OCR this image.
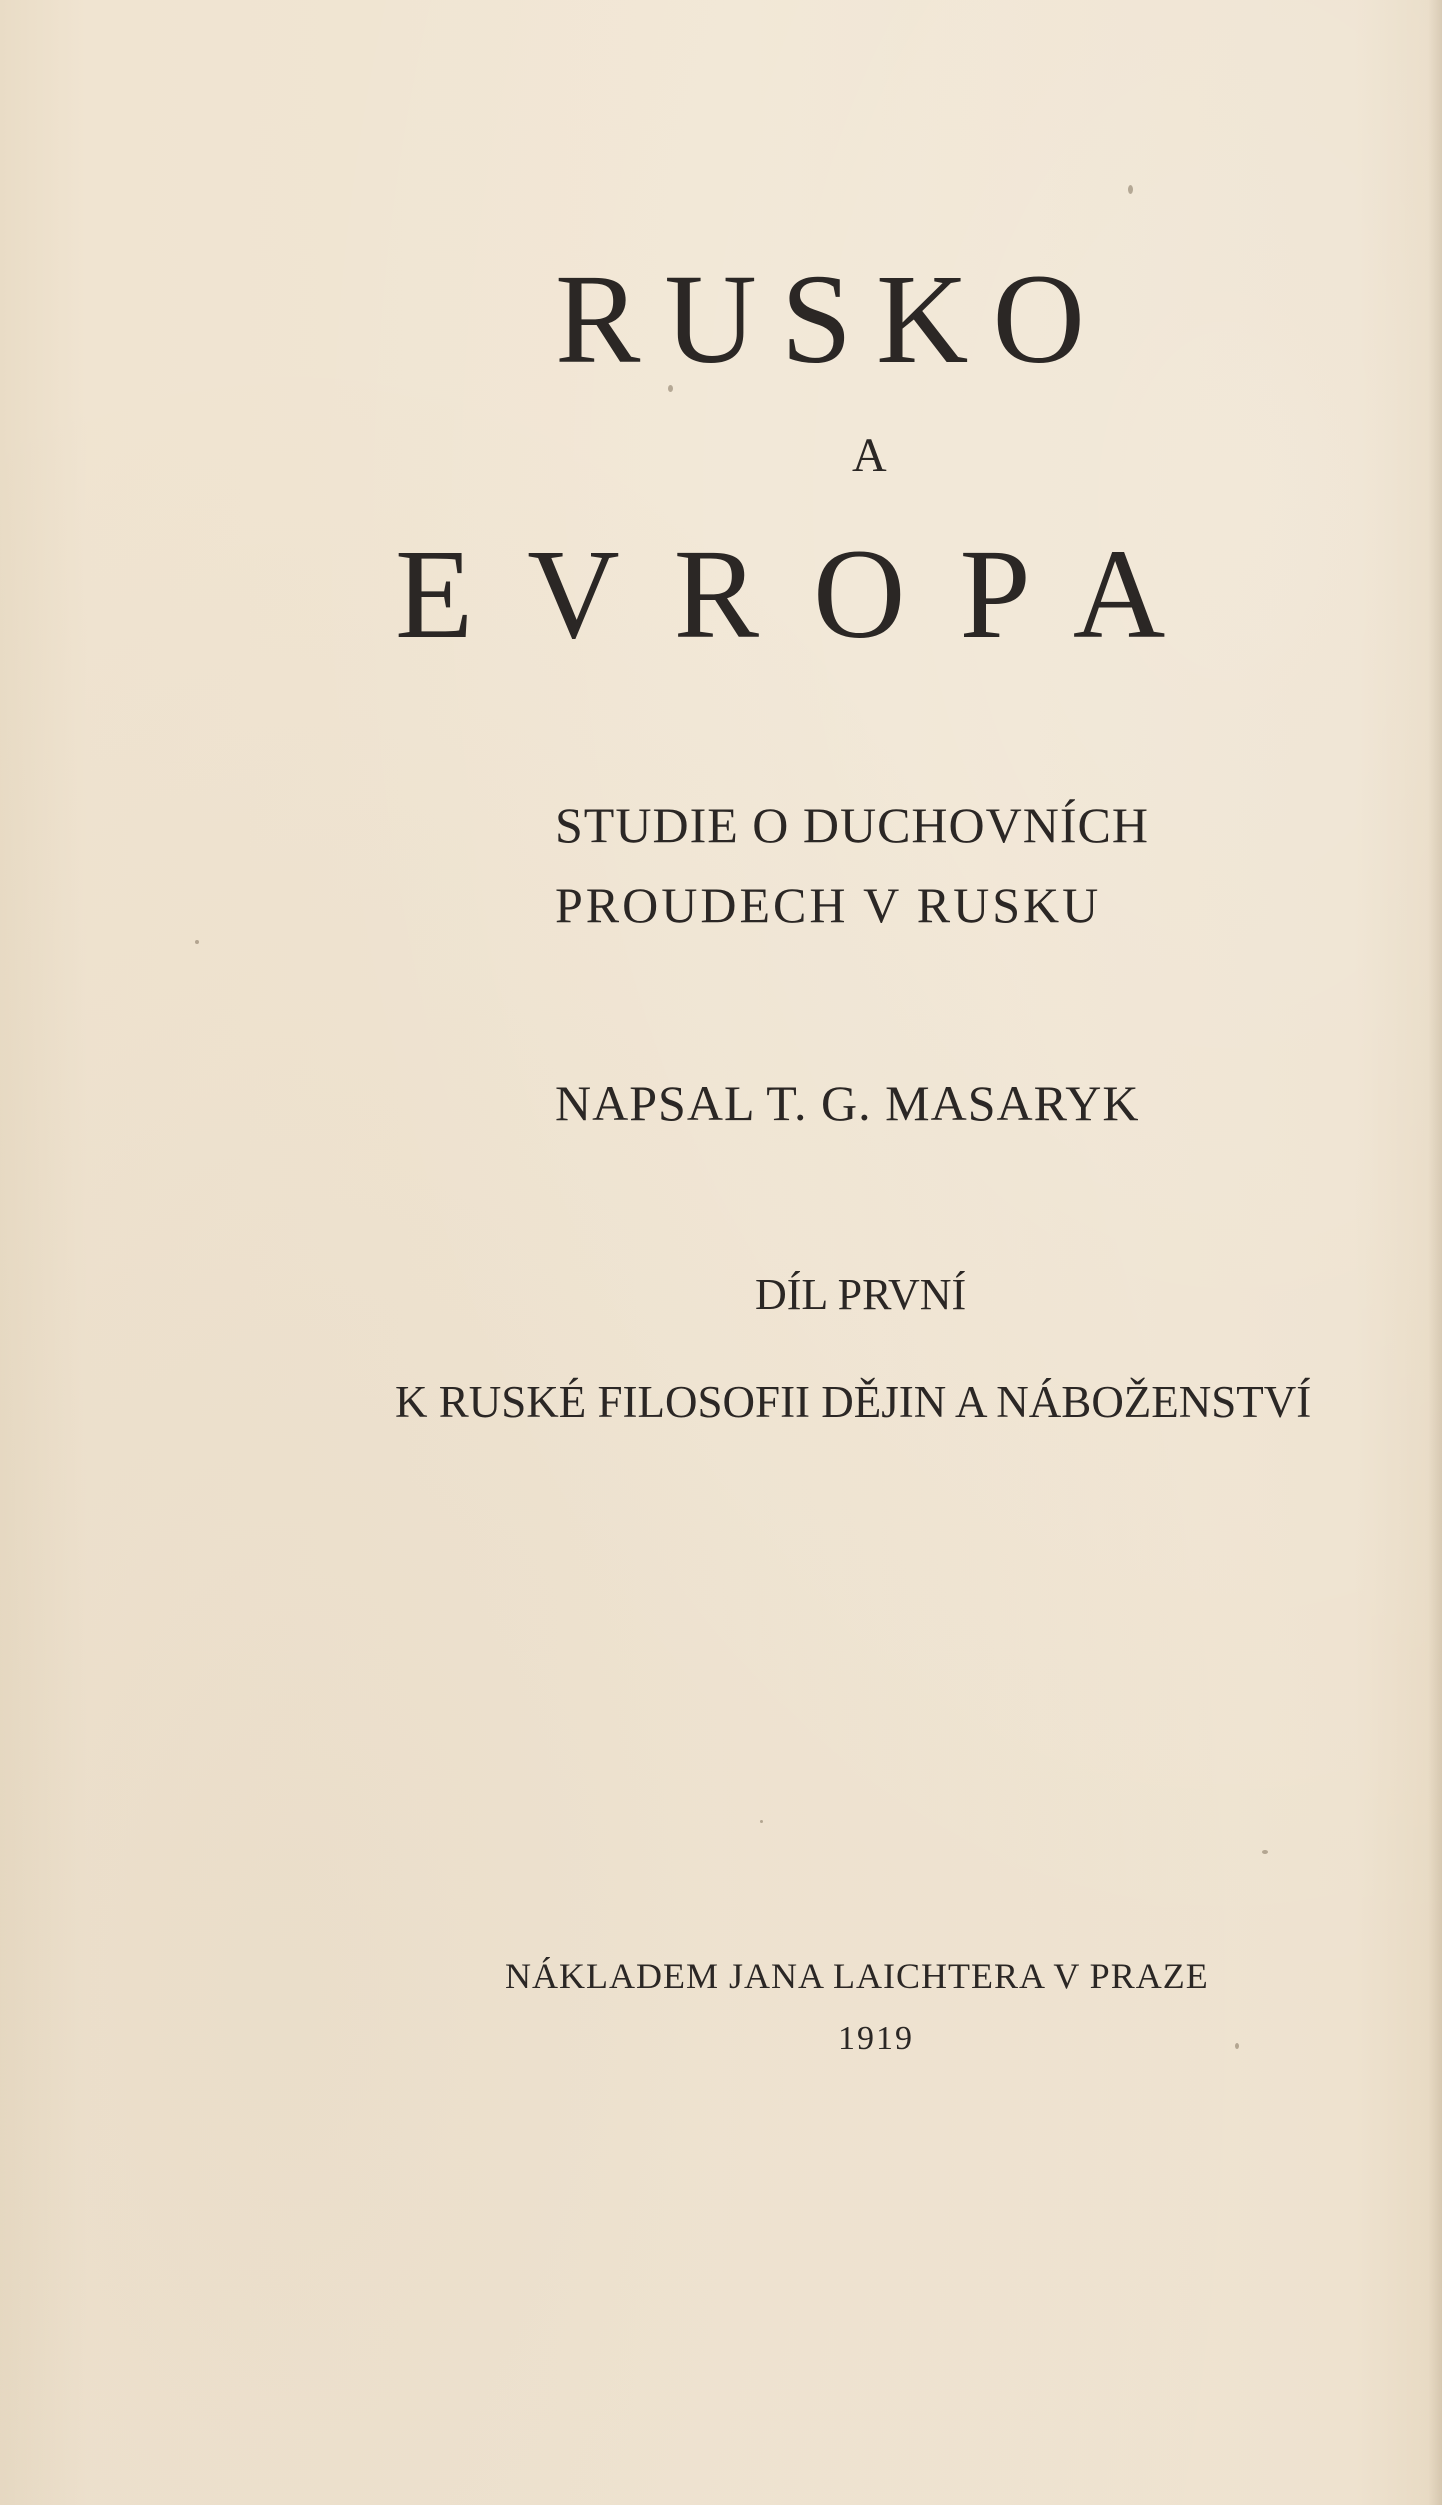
RUSKO
A
EVROPA
STUDIE O DUCHOVNÍCH
PROUDECH V RUSKU
NAPSAL T. G. MASARYK
DÍL PRVNÍ
K RUSKÉ FILOSOFII DĚJIN A NÁBOŽENSTVÍ
NÁKLADEM JANA LAICHTERA V PRAZE
1919
